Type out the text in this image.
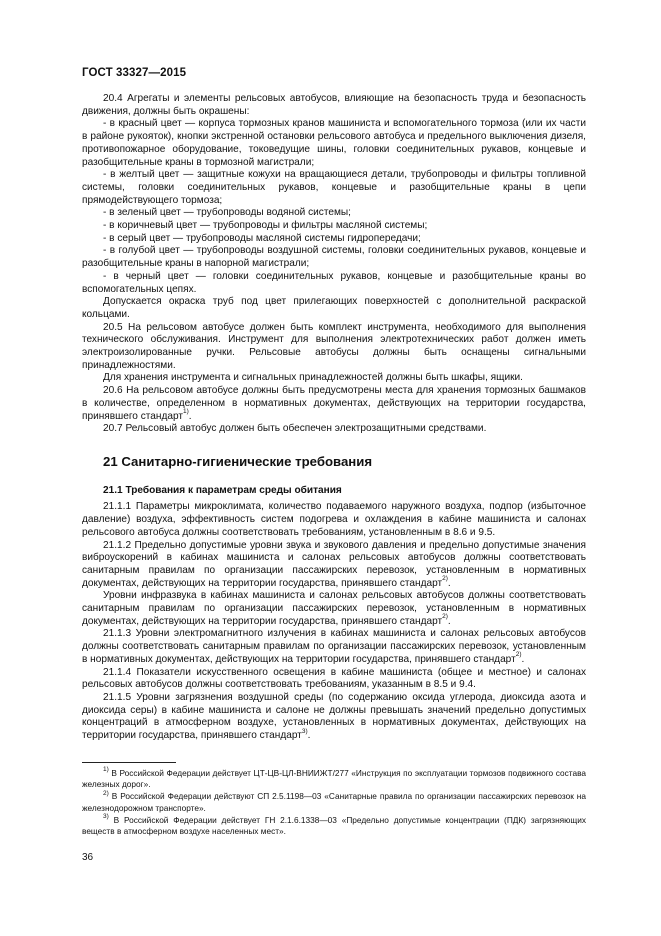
ГОСТ 33327—2015

20.4 Агрегаты и элементы рельсовых автобусов, влияющие на безопасность труда и безопасность движения, должны быть окрашены:

- в красный цвет — корпуса тормозных кранов машиниста и вспомогательного тормоза (или их части в районе рукояток), кнопки экстренной остановки рельсового автобуса и предельного выключения дизеля, противопожарное оборудование, токоведущие шины, головки соединительных рукавов, концевые и разобщительные краны в тормозной магистрали;

- в желтый цвет — защитные кожухи на вращающиеся детали, трубопроводы и фильтры топливной системы, головки соединительных рукавов, концевые и разобщительные краны в цепи прямодействующего тормоза;

- в зеленый цвет — трубопроводы водяной системы;

- в коричневый цвет — трубопроводы и фильтры масляной системы;

- в серый цвет — трубопроводы масляной системы гидропередачи;

- в голубой цвет — трубопроводы воздушной системы, головки соединительных рукавов, концевые и разобщительные краны в напорной магистрали;

- в черный цвет — головки соединительных рукавов, концевые и разобщительные краны во вспомогательных цепях.

Допускается окраска труб под цвет прилегающих поверхностей с дополнительной раскраской кольцами.

20.5 На рельсовом автобусе должен быть комплект инструмента, необходимого для выполнения технического обслуживания. Инструмент для выполнения электротехнических работ должен иметь электроизолированные ручки. Рельсовые автобусы должны быть оснащены сигнальными принадлежностями.

Для хранения инструмента и сигнальных принадлежностей должны быть шкафы, ящики.

20.6 На рельсовом автобусе должны быть предусмотрены места для хранения тормозных башмаков в количестве, определенном в нормативных документах, действующих на территории государства, принявшего стандарт$^{1)}$.

20.7 Рельсовый автобус должен быть обеспечен электрозащитными средствами.

21 Санитарно-гигиенические требования

21.1 Требования к параметрам среды обитания

21.1.1 Параметры микроклимата, количество подаваемого наружного воздуха, подпор (избыточное давление) воздуха, эффективность систем подогрева и охлаждения в кабине машиниста и салонах рельсового автобуса должны соответствовать требованиям, установленным в 8.6 и 9.5.

21.1.2 Предельно допустимые уровни звука и звукового давления и предельно допустимые значения виброускорений в кабинах машиниста и салонах рельсовых автобусов должны соответствовать санитарным правилам по организации пассажирских перевозок, установленным в нормативных документах, действующих на территории государства, принявшего стандарт$^{2)}$.

Уровни инфразвука в кабинах машиниста и салонах рельсовых автобусов должны соответствовать санитарным правилам по организации пассажирских перевозок, установленным в нормативных документах, действующих на территории государства, принявшего стандарт$^{2)}$.

21.1.3 Уровни электромагнитного излучения в кабинах машиниста и салонах рельсовых автобусов должны соответствовать санитарным правилам по организации пассажирских перевозок, установленным в нормативных документах, действующих на территории государства, принявшего стандарт$^{2)}$.

21.1.4 Показатели искусственного освещения в кабине машиниста (общее и местное) и салонах рельсовых автобусов должны соответствовать требованиям, указанным в 8.5 и 9.4.

21.1.5 Уровни загрязнения воздушной среды (по содержанию оксида углерода, диоксида азота и диоксида серы) в кабине машиниста и салоне не должны превышать значений предельно допустимых концентраций в атмосферном воздухе, установленных в нормативных документах, действующих на территории государства, принявшего стандарт$^{3)}$.

$^{1)}$ В Российской Федерации действует ЦТ-ЦВ-ЦЛ-ВНИИЖТ/277 «Инструкция по эксплуатации тормозов подвижного состава железных дорог».

$^{2)}$ В Российской Федерации действуют СП 2.5.1198—03 «Санитарные правила по организации пассажирских перевозок на железнодорожном транспорте».

$^{3)}$ В Российской Федерации действует ГН 2.1.6.1338—03 «Предельно допустимые концентрации (ПДК) загрязняющих веществ в атмосферном воздухе населенных мест».

36
